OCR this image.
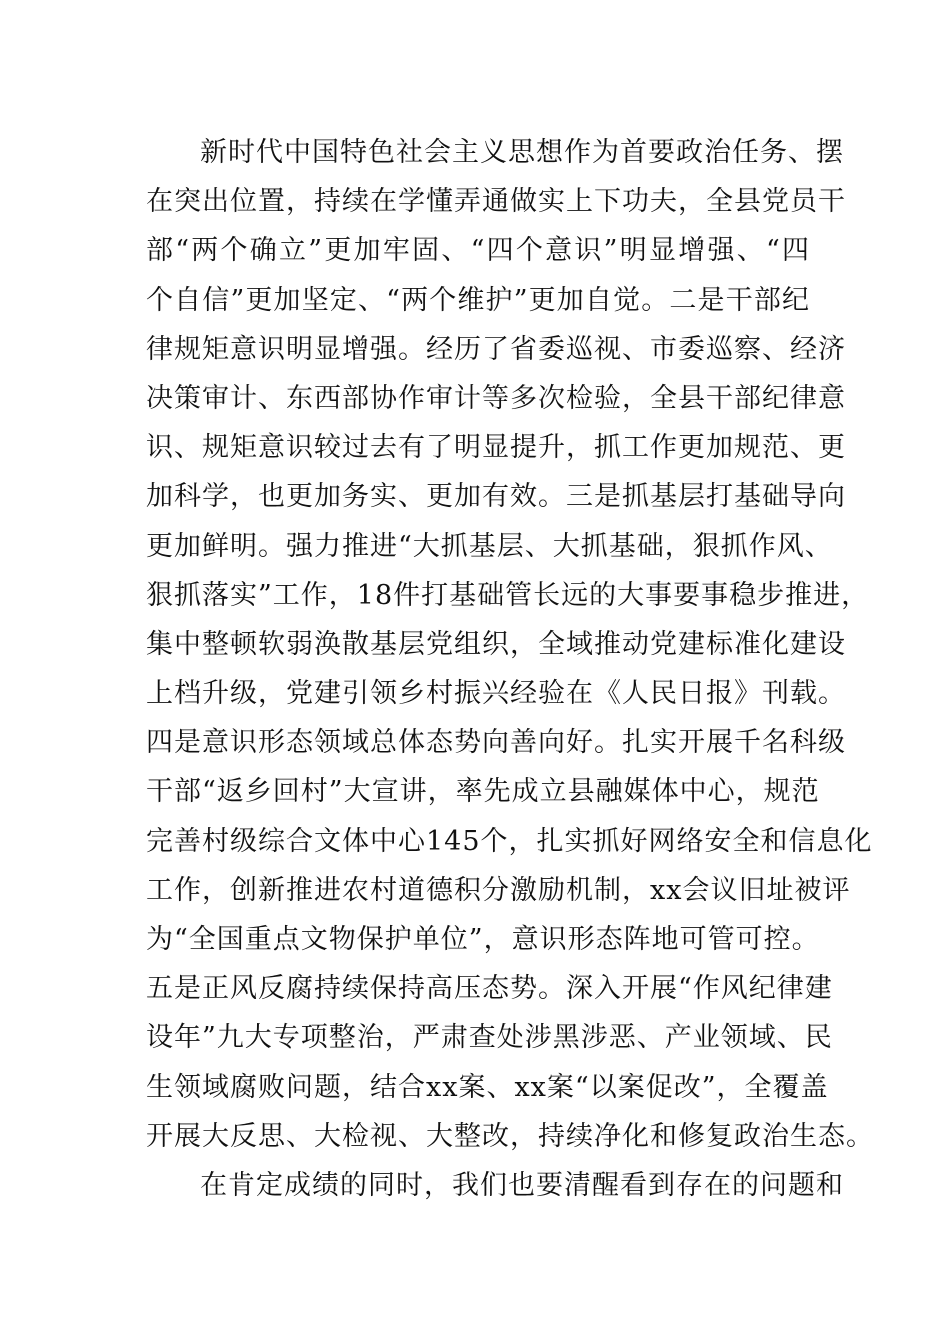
新时代中国特色社会主义思想作为首要政治任务、摆
在突出位置，持续在学懂弄通做实上下功夫，全县党员干
部“两个确立”更加牢固、“四个意识”明显增强、“四
个自信”更加坚定、“两个维护”更加自觉。二是干部纪
律规矩意识明显增强。经历了省委巡视、市委巡察、经济
决策审计、东西部协作审计等多次检验，全县干部纪律意
识、规矩意识较过去有了明显提升，抓工作更加规范、更
加科学，也更加务实、更加有效。三是抓基层打基础导向
更加鲜明。强力推进“大抓基层、大抓基础，狠抓作风、
狠抓落实”工作，18件打基础管长远的大事要事稳步推进，
集中整顿软弱涣散基层党组织，全域推动党建标准化建设
上档升级，党建引领乡村振兴经验在《人民日报》刊载。
四是意识形态领域总体态势向善向好。扎实开展千名科级
干部“返乡回村”大宣讲，率先成立县融媒体中心，规范
完善村级综合文体中心145个，扎实抓好网络安全和信息化
工作，创新推进农村道德积分激励机制，xx会议旧址被评
为“全国重点文物保护单位”，意识形态阵地可管可控。
五是正风反腐持续保持高压态势。深入开展“作风纪律建
设年”九大专项整治，严肃查处涉黑涉恶、产业领域、民
生领域腐败问题，结合xx案、xx案“以案促改”，全覆盖
开展大反思、大检视、大整改，持续净化和修复政治生态。
在肯定成绩的同时，我们也要清醒看到存在的问题和
